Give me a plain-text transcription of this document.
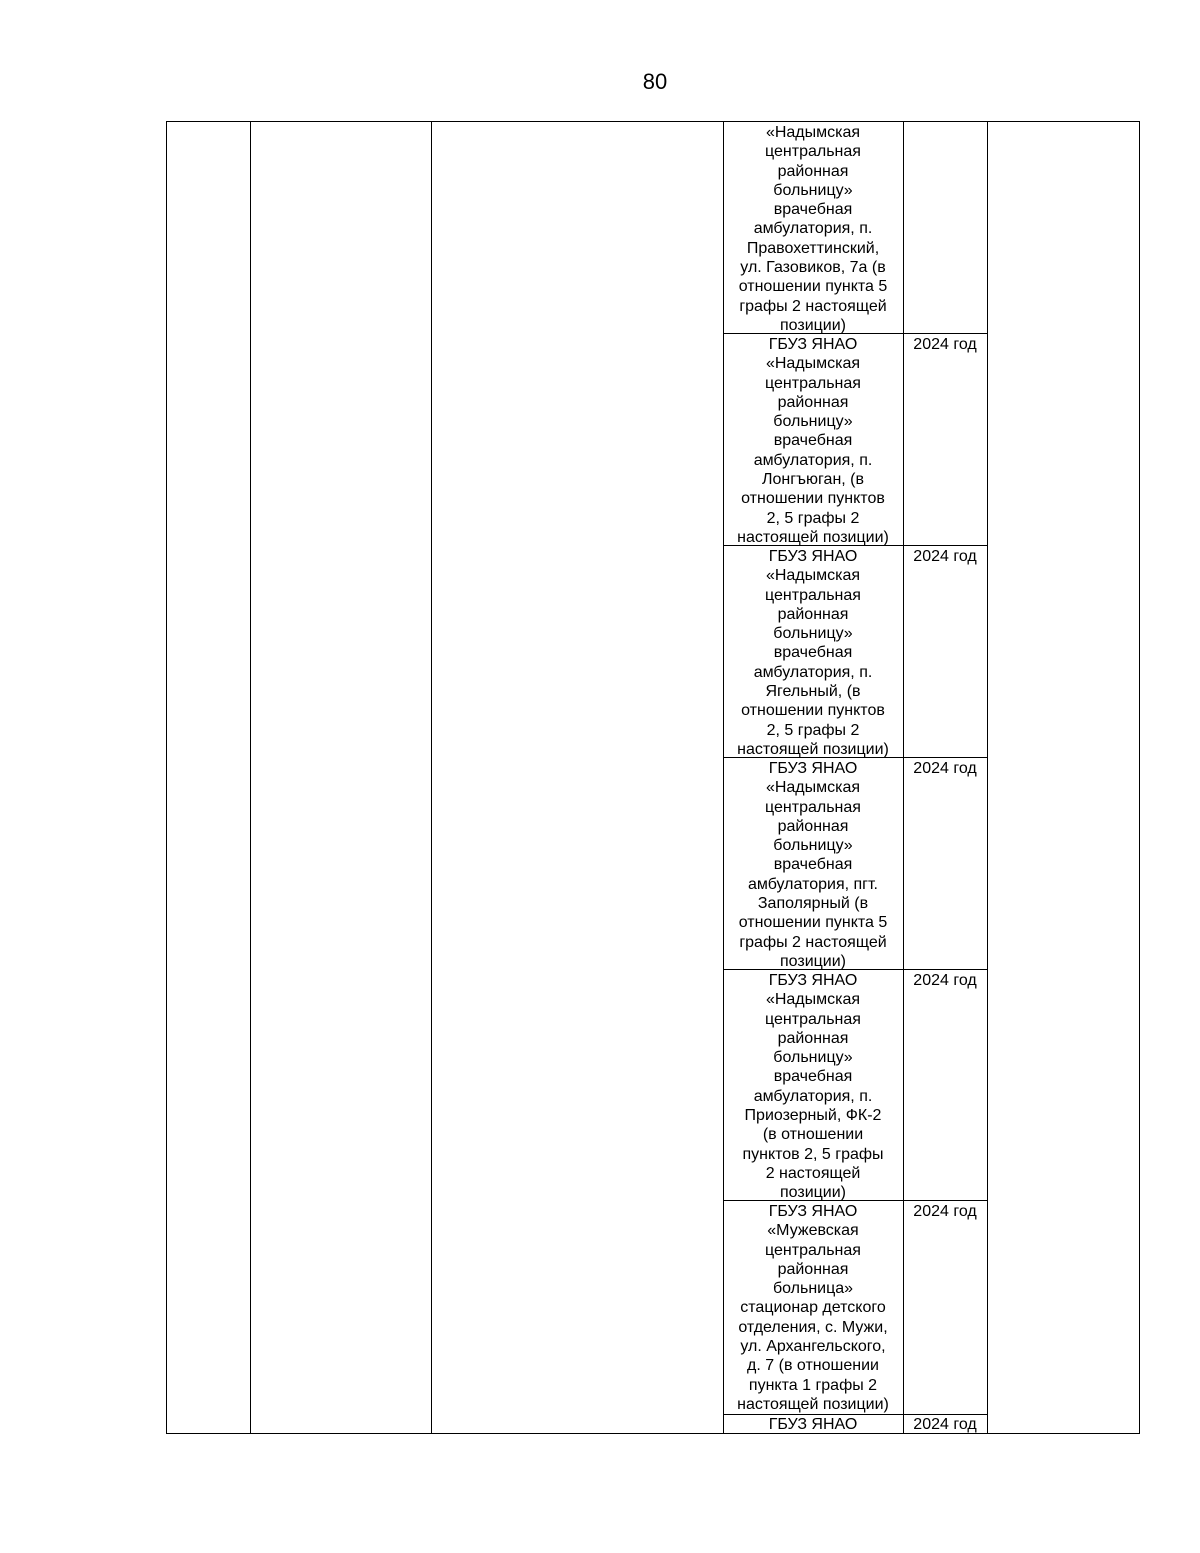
80
«Надымская
центральная
районная
больницу»
врачебная
амбулатория, п.
Правохеттинский,
ул. Газовиков, 7а (в
отношении пункта 5
графы 2 настоящей
позиции)
ГБУЗ ЯНАО
«Надымская
центральная
районная
больницу»
врачебная
амбулатория, п.
Лонгъюган, (в
отношении пунктов
2, 5 графы 2
настоящей позиции)
2024 год
ГБУЗ ЯНАО
«Надымская
центральная
районная
больницу»
врачебная
амбулатория, п.
Ягельный, (в
отношении пунктов
2, 5 графы 2
настоящей позиции)
2024 год
ГБУЗ ЯНАО
«Надымская
центральная
районная
больницу»
врачебная
амбулатория, пгт.
Заполярный (в
отношении пункта 5
графы 2 настоящей
позиции)
2024 год
ГБУЗ ЯНАО
«Надымская
центральная
районная
больницу»
врачебная
амбулатория, п.
Приозерный, ФК-2
(в отношении
пунктов 2, 5 графы
2 настоящей
позиции)
2024 год
ГБУЗ ЯНАО
«Мужевская
центральная
районная
больница»
стационар детского
отделения, с. Мужи,
ул. Архангельского,
д. 7 (в отношении
пункта 1 графы 2
настоящей позиции)
2024 год
ГБУЗ ЯНАО	2024 год
